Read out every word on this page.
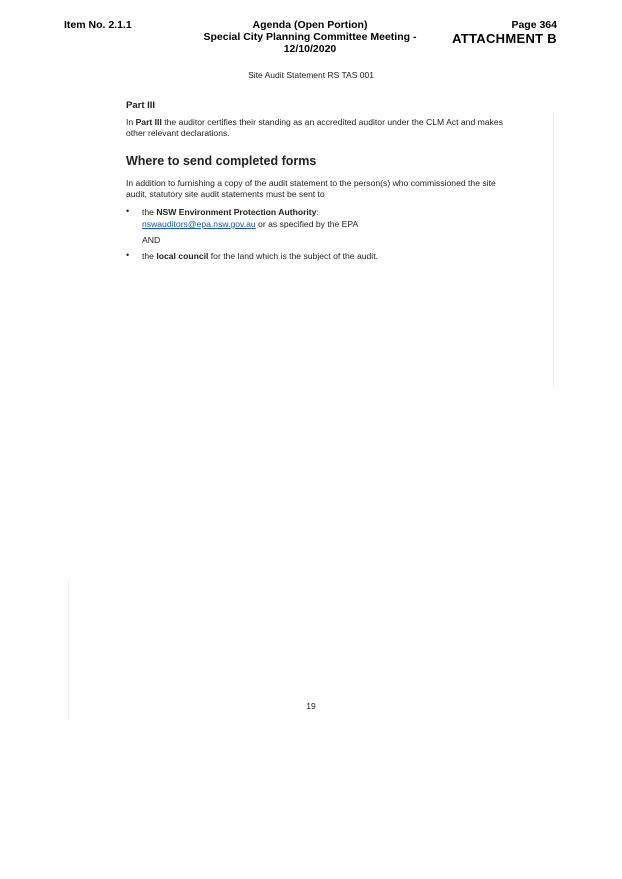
Item No. 2.1.1	Agenda (Open Portion)
Special City Planning Committee Meeting - 12/10/2020
Page 364
ATTACHMENT B
Site Audit Statement RS TAS 001
Part III
In Part III the auditor certifies their standing as an accredited auditor under the CLM Act and makes other relevant declarations.
Where to send completed forms
In addition to furnishing a copy of the audit statement to the person(s) who commissioned the site audit, statutory site audit statements must be sent to
• the NSW Environment Protection Authority:
nswauditors@epa.nsw.gov.au or as specified by the EPA
AND
• the local council for the land which is the subject of the audit.
19
